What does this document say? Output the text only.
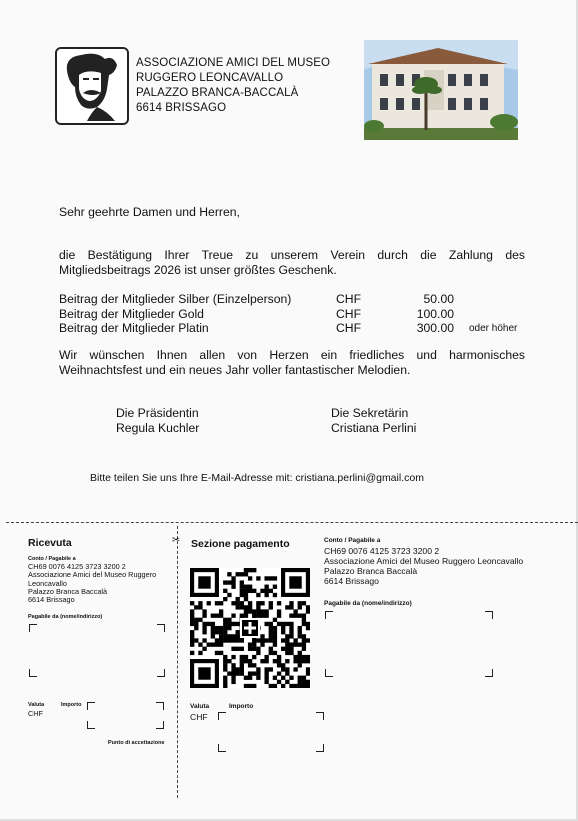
ASSOCIAZIONE AMICI DEL MUSEO
RUGGERO LEONCAVALLO
PALAZZO BRANCA-BACCALÀ
6614 BRISSAGO
Sehr geehrte Damen und Herren,
die Bestätigung Ihrer Treue zu unserem Verein durch die Zahlung des Mitgliedsbeitrags 2026 ist unser größtes Geschenk.
Beitrag der Mitglieder Silber (Einzelperson)	CHF	50.00
Beitrag der Mitglieder Gold	CHF	100.00
Beitrag der Mitglieder Platin	CHF	300.00 oder höher
Wir wünschen Ihnen allen von Herzen ein friedliches und harmonisches Weihnachtsfest und ein neues Jahr voller fantastischer Melodien.
Die Präsidentin
Regula Kuchler
Die Sekretärin
Cristiana Perlini
Bitte teilen Sie uns Ihre E-Mail-Adresse mit: cristiana.perlini@gmail.com
✂
Ricevuta
Conto / Pagabile a
CH69 0076 4125 3723 3200 2
Associazione Amici del Museo Ruggero
Leoncavallo
Palazzo Branca Baccalà
6614 Brissago
Pagabile da (nome/indirizzo)
Valuta	Importo
CHF
Punto di accettazione
Sezione pagamento
Valuta	Importo
CHF
Conto / Pagabile a
CH69 0076 4125 3723 3200 2
Associazione Amici del Museo Ruggero Leoncavallo
Palazzo Branca Baccalà
6614 Brissago
Pagabile da (nome/indirizzo)
